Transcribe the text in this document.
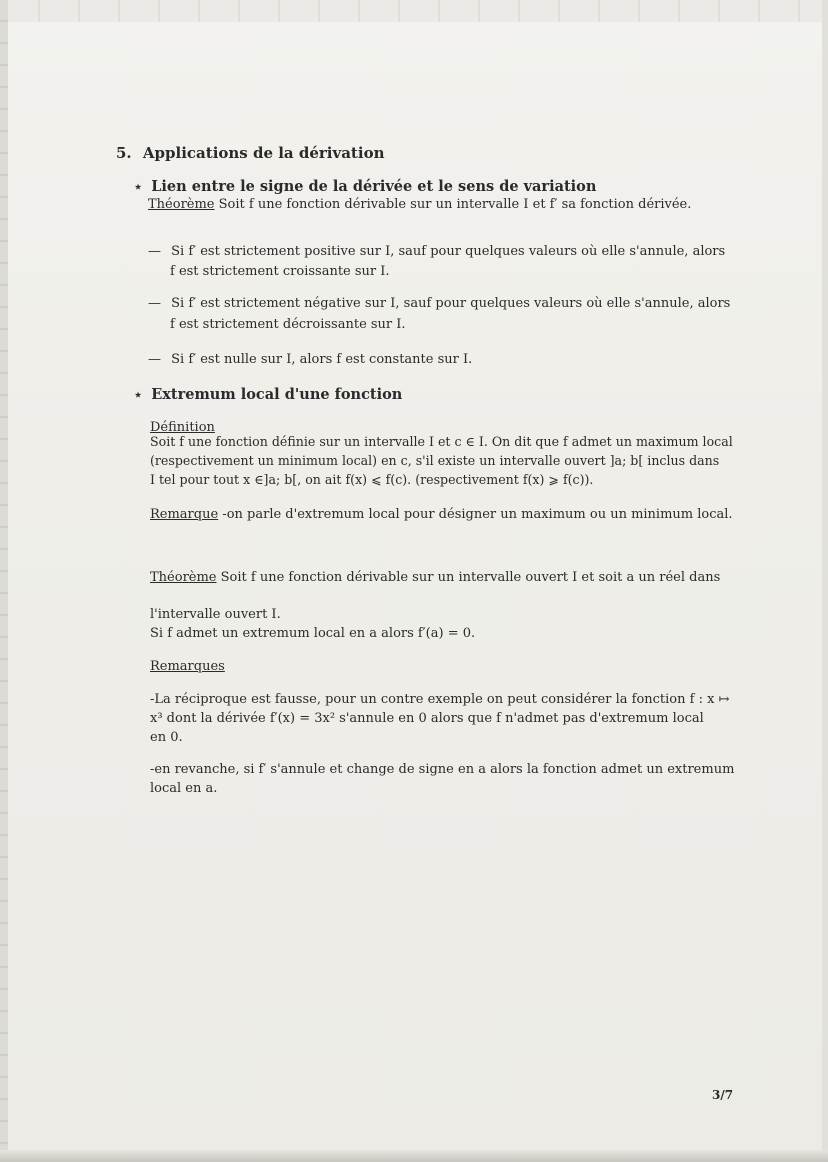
5. Applications de la dérivation
⋆ Lien entre le signe de la dérivée et le sens de variation
Théorème Soit f une fonction dérivable sur un intervalle I et f′ sa fonction dérivée.
— Si f′ est strictement positive sur I, sauf pour quelques valeurs où elle s'annule, alors
f est strictement croissante sur I.
— Si f′ est strictement négative sur I, sauf pour quelques valeurs où elle s'annule, alors
f est strictement décroissante sur I.
— Si f′ est nulle sur I, alors f est constante sur I.
⋆ Extremum local d'une fonction
Définition
Soit f une fonction définie sur un intervalle I et c ∈ I. On dit que f admet un maximum local
(respectivement un minimum local) en c, s'il existe un intervalle ouvert ]a; b[ inclus dans
I tel pour tout x ∈]a; b[, on ait f(x) ⩽ f(c). (respectivement f(x) ⩾ f(c)).
Remarque -on parle d'extremum local pour désigner un maximum ou un minimum local.
Théorème Soit f une fonction dérivable sur un intervalle ouvert I et soit a un réel dans
l'intervalle ouvert I.
Si f admet un extremum local en a alors f′(a) = 0.
Remarques
-La réciproque est fausse, pour un contre exemple on peut considérer la fonction f : x ↦
x³ dont la dérivée f′(x) = 3x² s'annule en 0 alors que f n'admet pas d'extremum local
en 0.
-en revanche, si f′ s'annule et change de signe en a alors la fonction admet un extremum
local en a.
3/7
